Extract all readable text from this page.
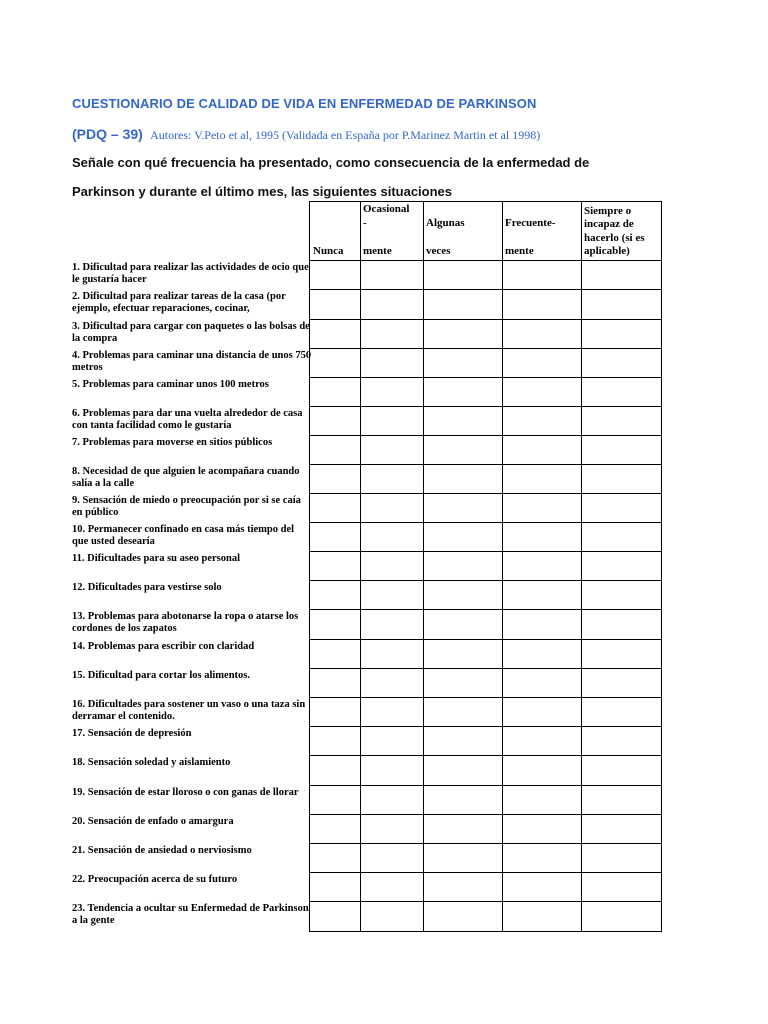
CUESTIONARIO DE CALIDAD DE VIDA EN ENFERMEDAD DE PARKINSON
(PDQ – 39) Autores: V.Peto et al, 1995 (Validada en España por P.Marinez Martin et al 1998)
Señale con qué frecuencia ha presentado, como consecuencia de la enfermedad de
Parkinson y durante el último mes, las siguientes situaciones
Nunca
Ocasional
-
mente
Algunas
veces
Frecuente-
mente
Siempre o
incapaz de
hacerlo (si es
aplicable)
1. Dificultad para realizar las actividades de ocio que le gustaría hacer
2. Dificultad para realizar tareas de la casa (por ejemplo, efectuar reparaciones, cocinar,
3. Dificultad para cargar con paquetes o las bolsas de la compra
4. Problemas para caminar una distancia de unos 750 metros
5. Problemas para caminar unos 100 metros
6. Problemas para dar una vuelta alrededor de casa con tanta facilidad como le gustaría
7. Problemas para moverse en sitios públicos
8. Necesidad de que alguien le acompañara cuando salía a la calle
9. Sensación de miedo o preocupación por si se caía en público
10. Permanecer confinado en casa más tiempo del que usted desearía
11. Dificultades para su aseo personal
12. Dificultades para vestirse solo
13. Problemas para abotonarse la ropa o atarse los cordones de los zapatos
14. Problemas para escribir con claridad
15. Dificultad para cortar los alimentos.
16. Dificultades para sostener un vaso o una taza sin derramar el contenido.
17. Sensación de depresión
18. Sensación soledad y aislamiento
19. Sensación de estar lloroso o con ganas de llorar
20. Sensación de enfado o amargura
21. Sensación de ansiedad o nerviosismo
22. Preocupación acerca de su futuro
23. Tendencia a ocultar su Enfermedad de Parkinson a la gente
